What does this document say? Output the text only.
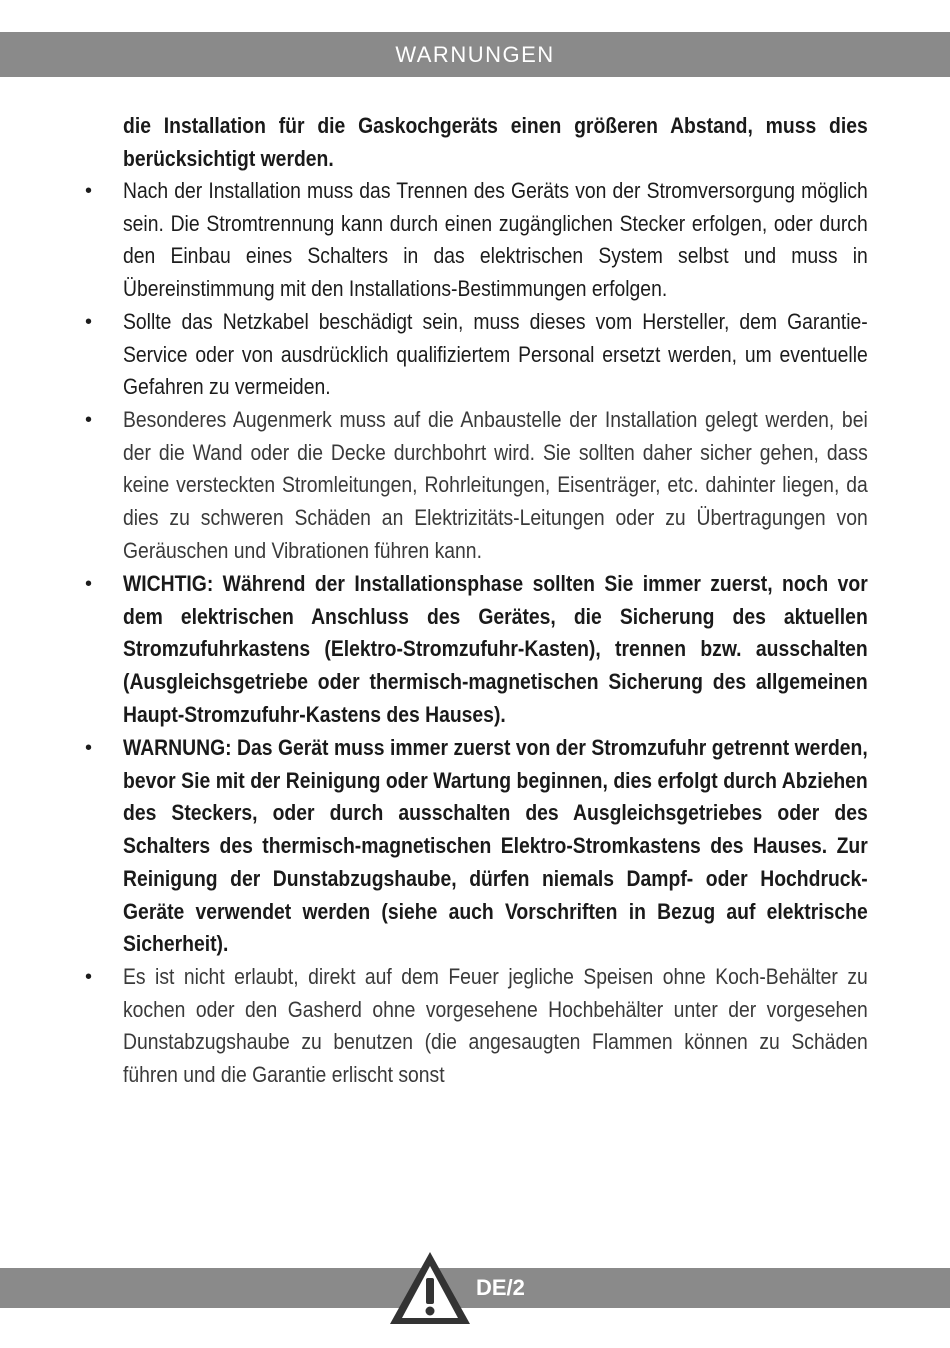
WARNUNGEN
die Installation für die Gaskochgeräts einen größeren Abstand, muss dies berücksichtigt werden.
• Nach der Installation muss das Trennen des Geräts von der Stromversorgung möglich sein. Die Stromtrennung kann durch einen zugänglichen Stecker erfolgen, oder durch den Einbau eines Schalters in das elektrischen System selbst und muss in Übereinstimmung mit den Installations-Bestimmungen erfolgen.
• Sollte das Netzkabel beschädigt sein, muss dieses vom Hersteller, dem Garantie-Service oder von ausdrücklich qualifiziertem Personal ersetzt werden, um eventuelle Gefahren zu vermeiden.
• Besonderes Augenmerk muss auf die Anbaustelle der Installation gelegt werden, bei der die Wand oder die Decke durchbohrt wird. Sie sollten daher sicher gehen, dass keine versteckten Stromleitungen, Rohrleitungen, Eisenträger, etc. dahinter liegen, da dies zu schweren Schäden an Elektrizitäts-Leitungen oder zu Übertragungen von Geräuschen und Vibrationen führen kann.
• WICHTIG: Während der Installationsphase sollten Sie immer zuerst, noch vor dem elektrischen Anschluss des Gerätes, die Sicherung des aktuellen Stromzufuhrkastens (Elektro-Stromzufuhr-Kasten), trennen bzw. ausschalten (Ausgleichsgetriebe oder thermisch-magnetischen Sicherung des allgemeinen Haupt-Stromzufuhr-Kastens des Hauses).
• WARNUNG: Das Gerät muss immer zuerst von der Stromzufuhr getrennt werden, bevor Sie mit der Reinigung oder Wartung beginnen, dies erfolgt durch Abziehen des Steckers, oder durch ausschalten des Ausgleichsgetriebes oder des Schalters des thermisch-magnetischen Elektro-Stromkastens des Hauses. Zur Reinigung der Dunstabzugshaube, dürfen niemals Dampf- oder Hochdruck-Geräte verwendet werden (siehe auch Vorschriften in Bezug auf elektrische Sicherheit).
• Es ist nicht erlaubt, direkt auf dem Feuer jegliche Speisen ohne Koch-Behälter zu kochen oder den Gasherd ohne vorgesehene Hochbehälter unter der vorgesehen Dunstabzugshaube zu benutzen (die angesaugten Flammen können zu Schäden führen und die Garantie erlischt sonst
DE/2
